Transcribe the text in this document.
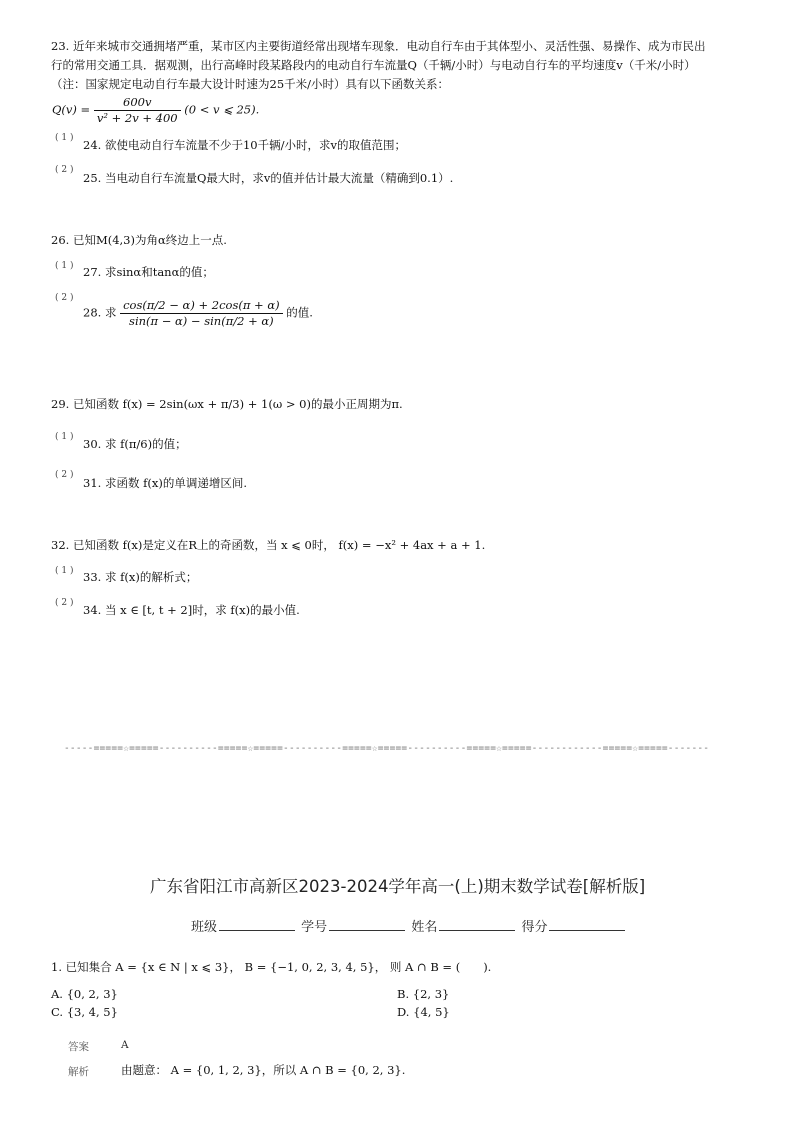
23. 近年来城市交通拥堵严重，某市区内主要街道经常出现堵车现象．电动自行车由于其体型小、灵活性强、易操作、成为市民出
行的常用交通工具．据观测，出行高峰时段某路段内的电动自行车流量Q（千辆/小时）与电动自行车的平均速度v（千米/小时）
（注：国家规定电动自行车最大设计时速为25千米/小时）具有以下函数关系：
$Q(v) = \frac{600v}{\text{v² + 2v + 400}} (0 < v$ ⩽ 25).
( 1 ) 24. 欲使电动自行车流量不少于10千辆/小时，求v的取值范围；
( 2 )
25. 当电动自行车流量Q最大时，求v的值并估计最大流量（精确到0.1）.
26. 已知M(4,3)为角α终边上一点.
( 1 ) 27. 求sinα和tanα的值；
( 2 )
28. 求 $\frac{\cos(\pi/2 - \alpha) + 2\cos(\pi + \alpha)}{\sin(\pi - \alpha) - \sin(\pi/2 + \alpha)}$ 的值.
29. 已知函数 f(x) = 2sin(ωx + π/3) + 1(ω > 0)的最小正周期为π.
( 1 ) 30. 求 f(π/6)的值；
( 2 )
31. 求函数 f(x)的单调递增区间.
32. 已知函数 f(x)是定义在R上的奇函数，当 x ⩽ 0时， f(x) = −x² + 4ax + a + 1.
( 1 ) 33. 求 f(x)的解析式；
( 2 ) 34. 当 x ∈ [t, t + 2]时，求 f(x)的最小值.
-----=====☆=====----------=====☆=====----------=====☆=====----------=====☆=====------------=====☆=====-------
广东省阳江市高新区2023-2024学年高一(上)期末数学试卷[解析版]
班级	学号	姓名	得分
1. 已知集合 A = {x ∈ N | x ⩽ 3}， B = {−1, 0, 2, 3, 4, 5}， 则 A ∩ B = (　　).
A. {0, 2, 3}	B. {2, 3}
C. {3, 4, 5}	D. {4, 5}
答案	A
解析	由题意： A = {0, 1, 2, 3}，所以 A ∩ B = {0, 2, 3}.
